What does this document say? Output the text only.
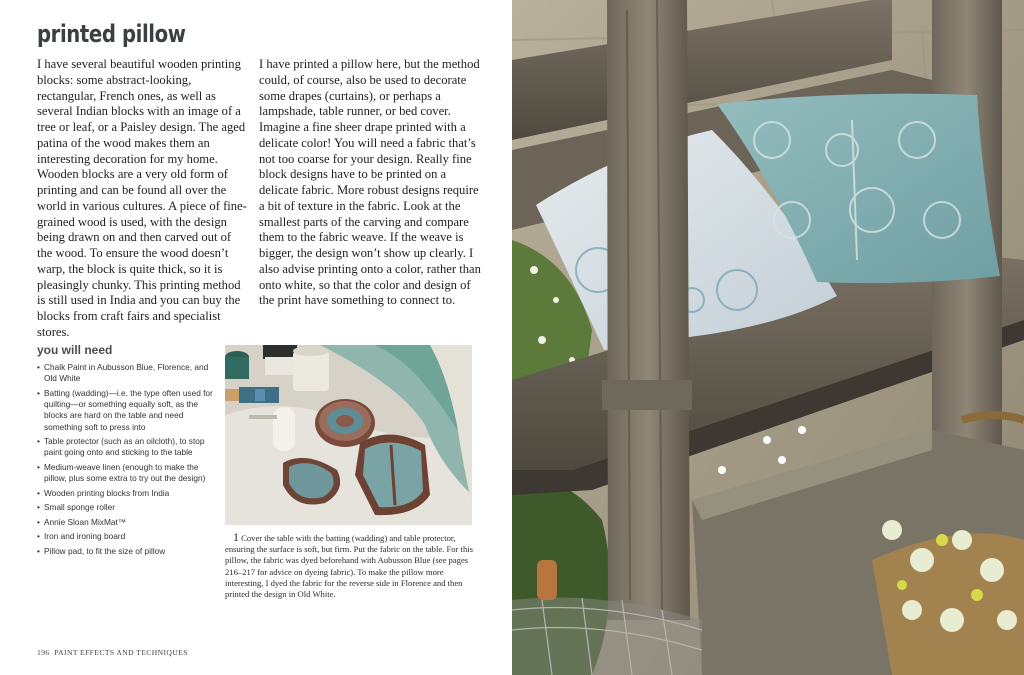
printed pillow

I have several beautiful wooden printing blocks: some abstract-looking, rectangular, French ones, as well as several Indian blocks with an image of a tree or leaf, or a Paisley design. The aged patina of the wood makes them an interesting decoration for my home. Wooden blocks are a very old form of printing and can be found all over the world in various cultures. A piece of fine-grained wood is used, with the design being drawn on and then carved out of the wood. To ensure the wood doesn’t warp, the block is quite thick, so it is pleasingly chunky. This printing method is still used in India and you can buy the blocks from craft fairs and specialist stores.

I have printed a pillow here, but the method could, of course, also be used to decorate some drapes (curtains), or perhaps a lampshade, table runner, or bed cover. Imagine a fine sheer drape printed with a delicate color! You will need a fabric that’s not too coarse for your design. Really fine block designs have to be printed on a delicate fabric. More robust designs require a bit of texture in the fabric. Look at the smallest parts of the carving and compare them to the fabric weave. If the weave is bigger, the design won’t show up clearly. I also advise printing onto a color, rather than onto white, so that the color and design of the print have something to connect to.

you will need
• Chalk Paint in Aubusson Blue, Florence, and Old White
• Batting (wadding)—i.e. the type often used for quilting—or something equally soft, as the blocks are hard on the table and need something soft to press into
• Table protector (such as an oilcloth), to stop paint going onto and sticking to the table
• Medium-weave linen (enough to make the pillow, plus some extra to try out the design)
• Wooden printing blocks from India
• Small sponge roller
• Annie Sloan MixMat™
• Iron and ironing board
• Pillow pad, to fit the size of pillow

1 Cover the table with the batting (wadding) and table protector, ensuring the surface is soft, but firm. Put the fabric on the table. For this pillow, the fabric was dyed beforehand with Aubusson Blue (see pages 216–217 for advice on dyeing fabric). To make the pillow more interesting, I dyed the fabric for the reverse side in Florence and then printed the design in Old White.

196 PAINT EFFECTS AND TECHNIQUES
